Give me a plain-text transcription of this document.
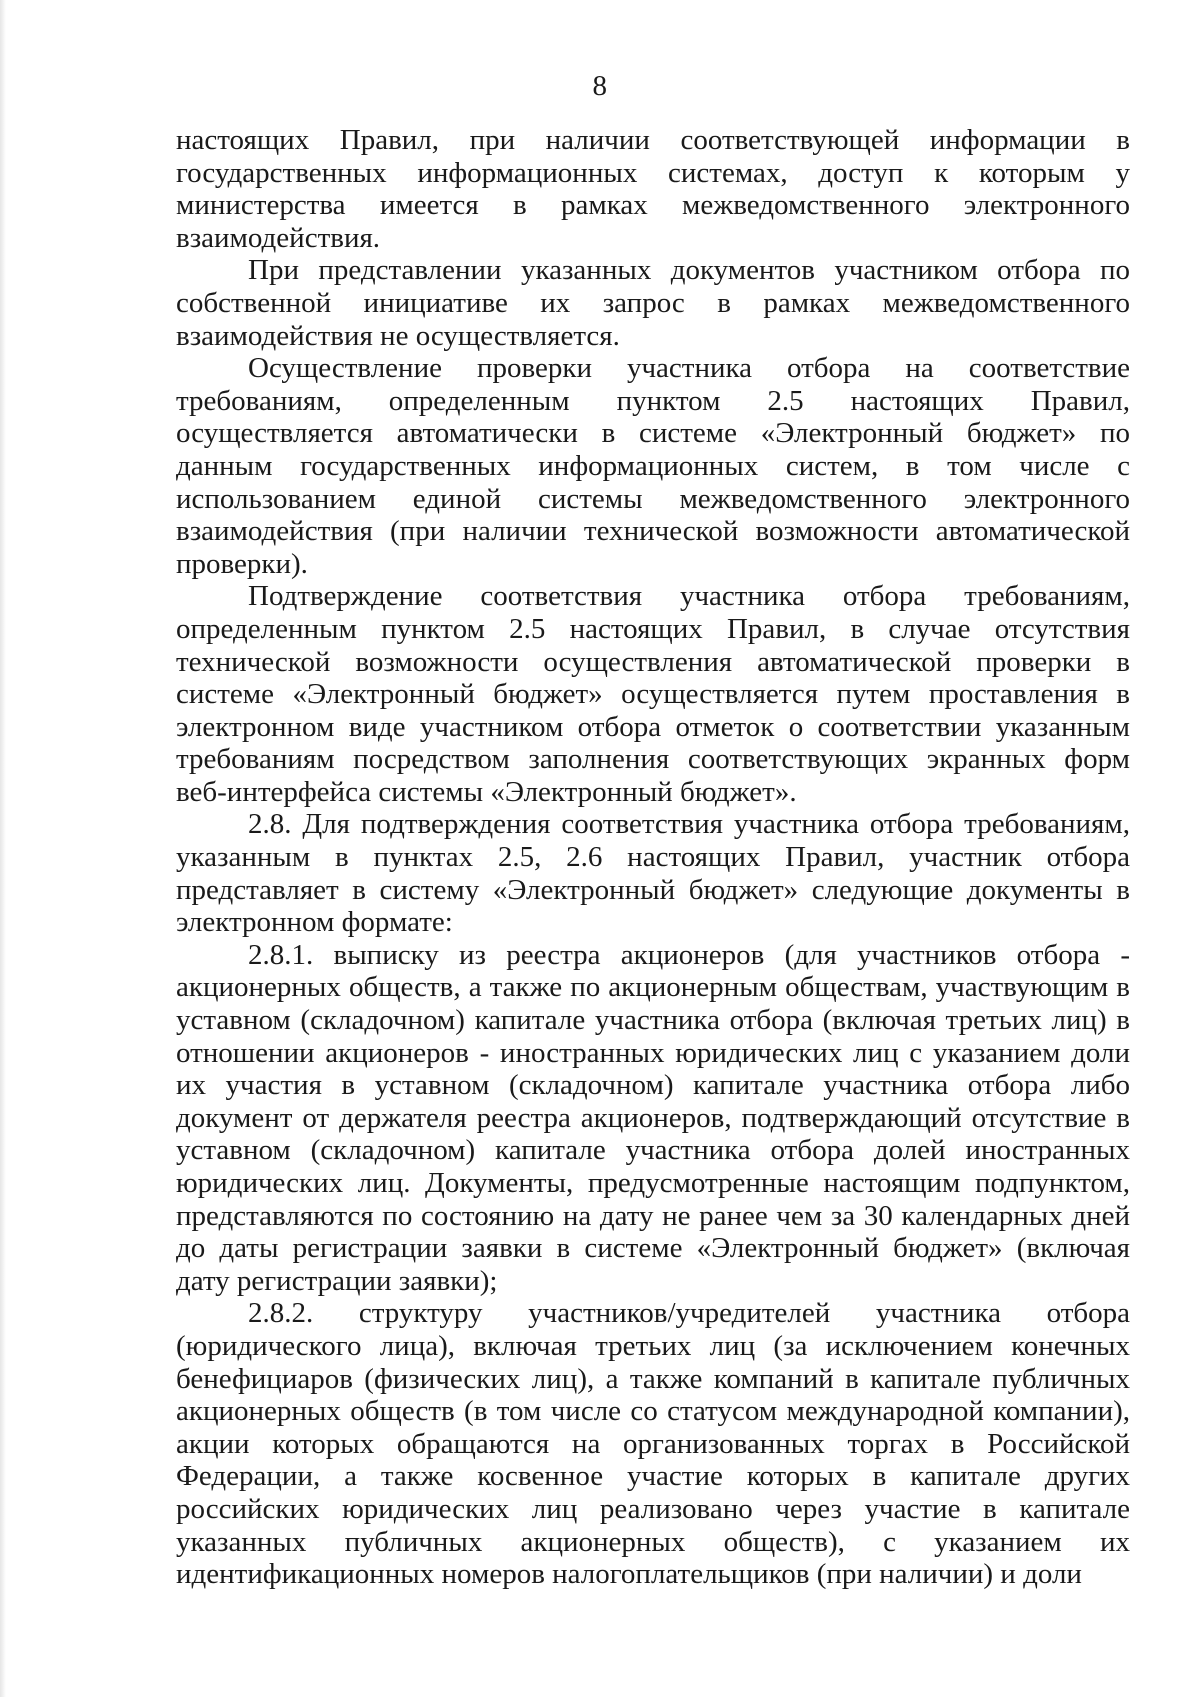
8

настоящих Правил, при наличии соответствующей информации в государственных информационных системах, доступ к которым у министерства имеется в рамках межведомственного электронного взаимодействия.

При представлении указанных документов участником отбора по собственной инициативе их запрос в рамках межведомственного взаимодействия не осуществляется.

Осуществление проверки участника отбора на соответствие требованиям, определенным пунктом 2.5 настоящих Правил, осуществляется автоматически в системе «Электронный бюджет» по данным государственных информационных систем, в том числе с использованием единой системы межведомственного электронного взаимодействия (при наличии технической возможности автоматической проверки).

Подтверждение соответствия участника отбора требованиям, определенным пунктом 2.5 настоящих Правил, в случае отсутствия технической возможности осуществления автоматической проверки в системе «Электронный бюджет» осуществляется путем проставления в электронном виде участником отбора отметок о соответствии указанным требованиям посредством заполнения соответствующих экранных форм веб-интерфейса системы «Электронный бюджет».

2.8. Для подтверждения соответствия участника отбора требованиям, указанным в пунктах 2.5, 2.6 настоящих Правил, участник отбора представляет в систему «Электронный бюджет» следующие документы в электронном формате:

2.8.1. выписку из реестра акционеров (для участников отбора - акционерных обществ, а также по акционерным обществам, участвующим в уставном (складочном) капитале участника отбора (включая третьих лиц) в отношении акционеров - иностранных юридических лиц с указанием доли их участия в уставном (складочном) капитале участника отбора либо документ от держателя реестра акционеров, подтверждающий отсутствие в уставном (складочном) капитале участника отбора долей иностранных юридических лиц. Документы, предусмотренные настоящим подпунктом, представляются по состоянию на дату не ранее чем за 30 календарных дней до даты регистрации заявки в системе «Электронный бюджет» (включая дату регистрации заявки);

2.8.2. структуру участников/учредителей участника отбора (юридического лица), включая третьих лиц (за исключением конечных бенефициаров (физических лиц), а также компаний в капитале публичных акционерных обществ (в том числе со статусом международной компании), акции которых обращаются на организованных торгах в Российской Федерации, а также косвенное участие которых в капитале других российских юридических лиц реализовано через участие в капитале указанных публичных акционерных обществ), с указанием их идентификационных номеров налогоплательщиков (при наличии) и доли
